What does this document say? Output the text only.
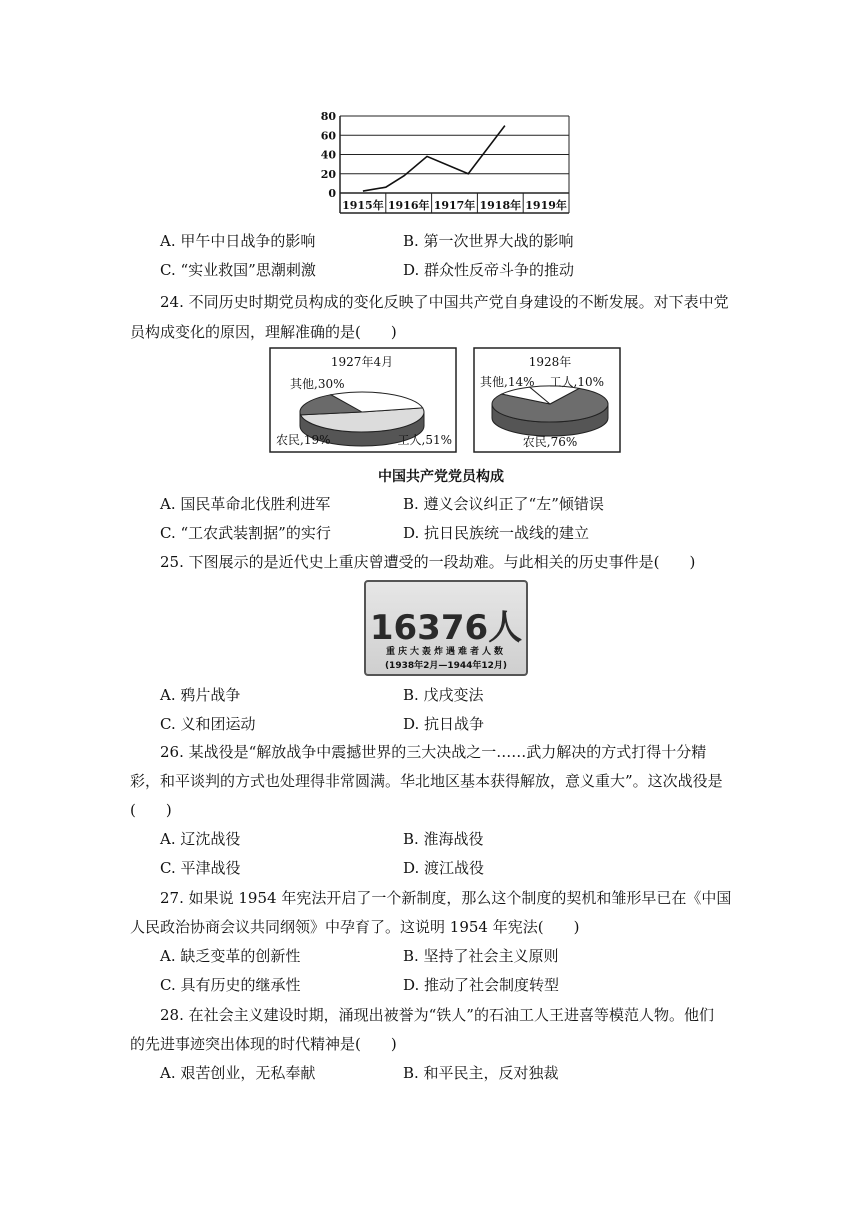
80
60
40
20
0
1915年 1916年 1917年 1918年 1919年
A. 甲午中日战争的影响	B. 第一次世界大战的影响
C. “实业救国”思潮刺激	D. 群众性反帝斗争的推动
24. 不同历史时期党员构成的变化反映了中国共产党自身建设的不断发展。对下表中党
员构成变化的原因，理解准确的是(　　)
1927年4月
工人,51%
农民,19%
其他,30%
1928年
农民,76%
工人,10%
其他,14%
中国共产党党员构成
A. 国民革命北伐胜利进军	B. 遵义会议纠正了“左”倾错误
C. “工农武装割据”的实行	D. 抗日民族统一战线的建立
25. 下图展示的是近代史上重庆曾遭受的一段劫难。与此相关的历史事件是(　　)
16376人
重庆大轰炸遇难者人数
(1938年2月—1944年12月)
A. 鸦片战争	B. 戊戌变法
C. 义和团运动	D. 抗日战争
26. 某战役是“解放战争中震撼世界的三大决战之一……武力解决的方式打得十分精
彩，和平谈判的方式也处理得非常圆满。华北地区基本获得解放，意义重大”。这次战役是
(　　)
A. 辽沈战役	B. 淮海战役
C. 平津战役	D. 渡江战役
27. 如果说 1954 年宪法开启了一个新制度，那么这个制度的契机和雏形早已在《中国
人民政治协商会议共同纲领》中孕育了。这说明 1954 年宪法(　　)
A. 缺乏变革的创新性	B. 坚持了社会主义原则
C. 具有历史的继承性	D. 推动了社会制度转型
28. 在社会主义建设时期，涌现出被誉为“铁人”的石油工人王进喜等模范人物。他们
的先进事迹突出体现的时代精神是(　　)
A. 艰苦创业，无私奉献	B. 和平民主，反对独裁
